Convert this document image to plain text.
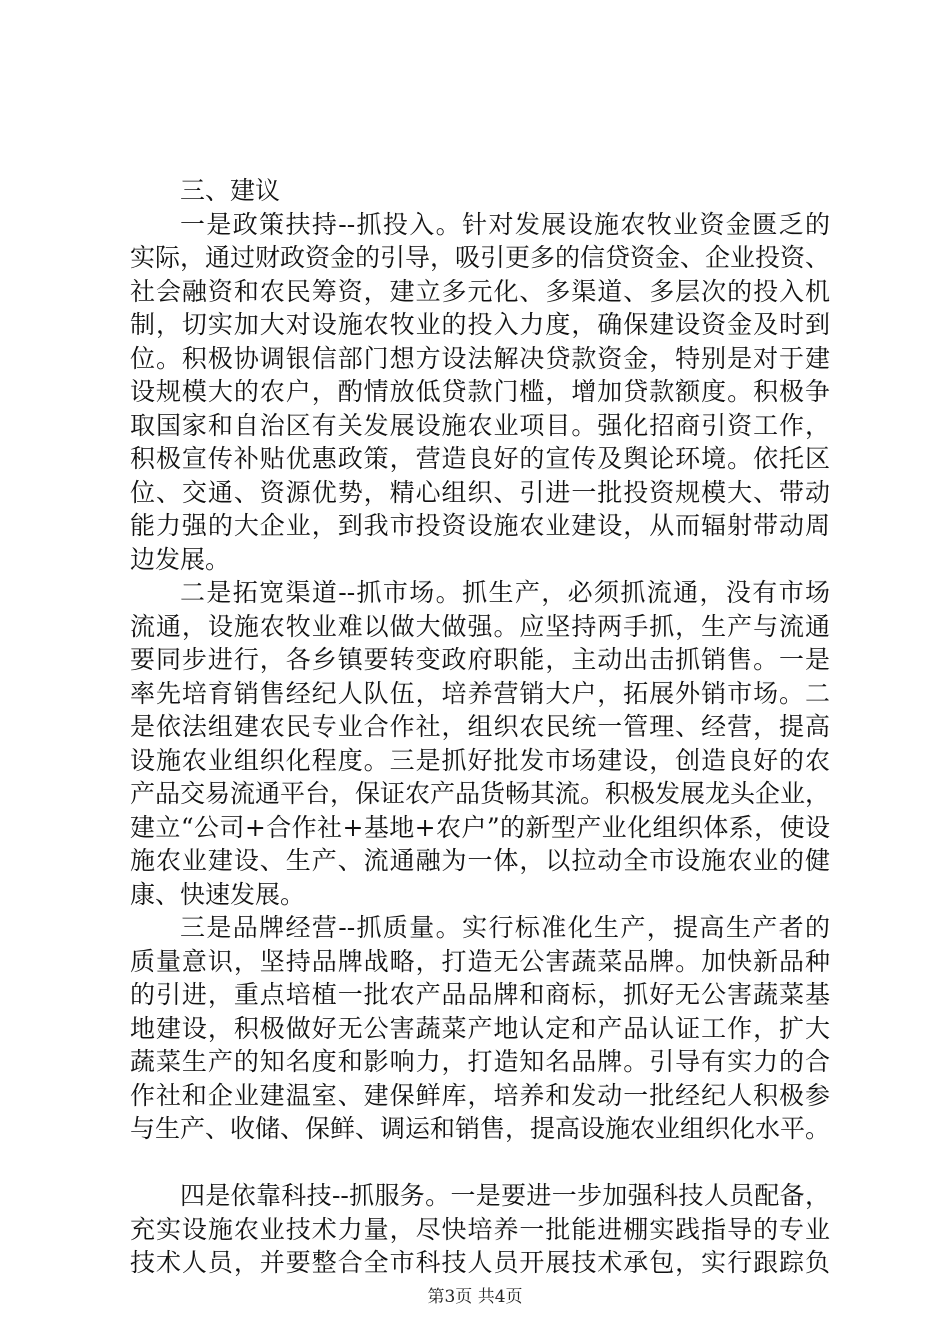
三、建议

一是政策扶持--抓投入。针对发展设施农牧业资金匮乏的
实际，通过财政资金的引导，吸引更多的信贷资金、企业投资、
社会融资和农民筹资，建立多元化、多渠道、多层次的投入机
制，切实加大对设施农牧业的投入力度，确保建设资金及时到
位。积极协调银信部门想方设法解决贷款资金，特别是对于建
设规模大的农户，酌情放低贷款门槛，增加贷款额度。积极争
取国家和自治区有关发展设施农业项目。强化招商引资工作，
积极宣传补贴优惠政策，营造良好的宣传及舆论环境。依托区
位、交通、资源优势，精心组织、引进一批投资规模大、带动
能力强的大企业，到我市投资设施农业建设，从而辐射带动周
边发展。
二是拓宽渠道--抓市场。抓生产，必须抓流通，没有市场
流通，设施农牧业难以做大做强。应坚持两手抓，生产与流通
要同步进行，各乡镇要转变政府职能，主动出击抓销售。一是
率先培育销售经纪人队伍，培养营销大户，拓展外销市场。二
是依法组建农民专业合作社，组织农民统一管理、经营，提高
设施农业组织化程度。三是抓好批发市场建设，创造良好的农
产品交易流通平台，保证农产品货畅其流。积极发展龙头企业，
建立“公司+合作社+基地+农户”的新型产业化组织体系，使设
施农业建设、生产、流通融为一体，以拉动全市设施农业的健
康、快速发展。
三是品牌经营--抓质量。实行标准化生产，提高生产者的
质量意识，坚持品牌战略，打造无公害蔬菜品牌。加快新品种
的引进，重点培植一批农产品品牌和商标，抓好无公害蔬菜基
地建设，积极做好无公害蔬菜产地认定和产品认证工作，扩大
蔬菜生产的知名度和影响力，打造知名品牌。引导有实力的合
作社和企业建温室、建保鲜库，培养和发动一批经纪人积极参
与生产、收储、保鲜、调运和销售，提高设施农业组织化水平。
四是依靠科技--抓服务。一是要进一步加强科技人员配备，
充实设施农业技术力量，尽快培养一批能进棚实践指导的专业
技术人员，并要整合全市科技人员开展技术承包，实行跟踪负
第3页 共4页
